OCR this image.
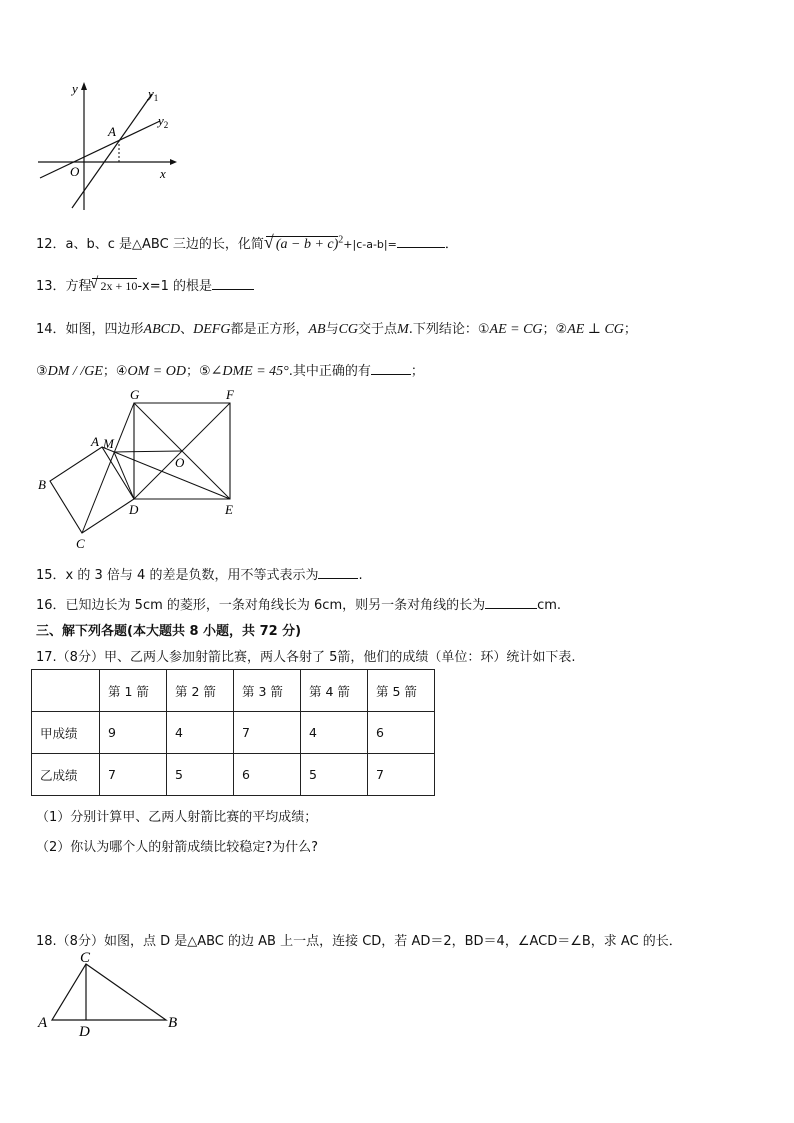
y
x
O
A
$y_1$
$y_2$
12．a、b、c 是△ABC 三边的长，化简 √ $(a - b + c)^2+|c-a-b|=$	．
13．方程
√ 2x + 10-x=1 的根是
14．如图，四边形ABCD、DEFG都是正方形，AB与CG交于点M.下列结论：①AE = CG；②AE ⊥ CG；
③DM / /GE；④OM = OD；⑤∠DME = 45°.其中正确的有	；
G	F
A M
O
B
D	E
C
15．x 的 3 倍与 4 的差是负数，用不等式表示为	.
16．已知边长为 5cm 的菱形，一条对角线长为 6cm，则另一条对角线的长为	cm.
三、解下列各题(本大题共 8 小题，共 72 分)
17.（8分）甲、乙两人参加射箭比赛，两人各射了 5箭，他们的成绩（单位：环）统计如下表.
	第 1 箭	第 2 箭	第 3 箭	第 4 箭	第 5 箭
甲成绩	9	4	7	4	6
乙成绩	7	5	6	5	7
（1）分别计算甲、乙两人射箭比赛的平均成绩；
（2）你认为哪个人的射箭成绩比较稳定?为什么?
18.（8分）如图，点 D 是△ABC 的边 AB 上一点，连接 CD，若 AD＝2，BD＝4，∠ACD＝∠B，求 AC 的长．
C
A
D
B
